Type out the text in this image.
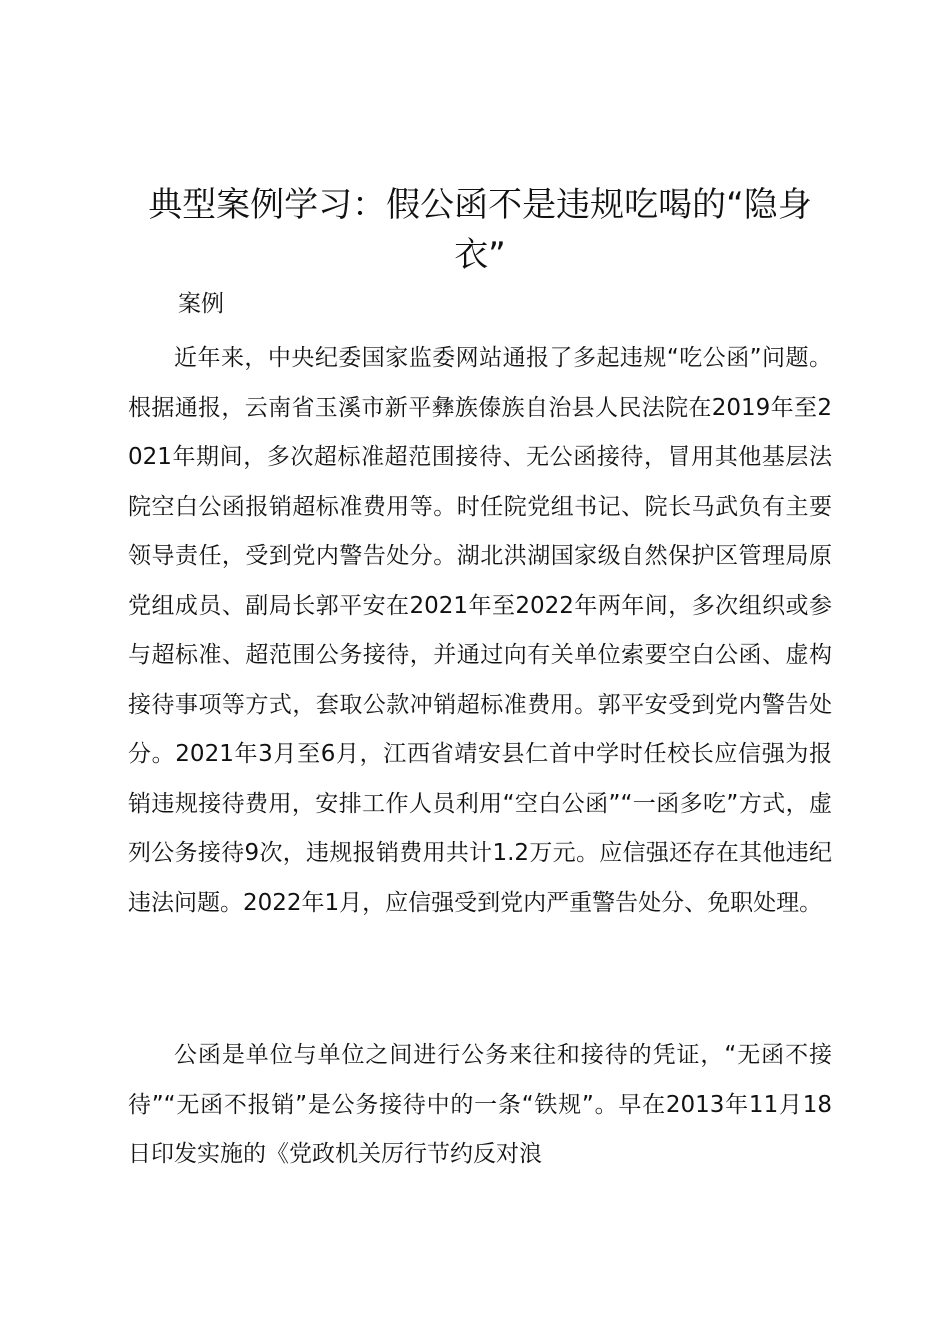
典型案例学习：假公函不是违规吃喝的“隐身衣”

案例

近年来，中央纪委国家监委网站通报了多起违规“吃公函”问题。根据通报，云南省玉溪市新平彝族傣族自治县人民法院在2019年至2021年期间，多次超标准超范围接待、无公函接待，冒用其他基层法院空白公函报销超标准费用等。时任院党组书记、院长马武负有主要领导责任，受到党内警告处分。湖北洪湖国家级自然保护区管理局原党组成员、副局长郭平安在2021年至2022年两年间，多次组织或参与超标准、超范围公务接待，并通过向有关单位索要空白公函、虚构接待事项等方式，套取公款冲销超标准费用。郭平安受到党内警告处分。2021年3月至6月，江西省靖安县仁首中学时任校长应信强为报销违规接待费用，安排工作人员利用“空白公函”“一函多吃”方式，虚列公务接待9次，违规报销费用共计1.2万元。应信强还存在其他违纪违法问题。2022年1月，应信强受到党内严重警告处分、免职处理。

公函是单位与单位之间进行公务来往和接待的凭证，“无函不接待”“无函不报销”是公务接待中的一条“铁规”。早在2013年11月18日印发实施的《党政机关厉行节约反对浪
